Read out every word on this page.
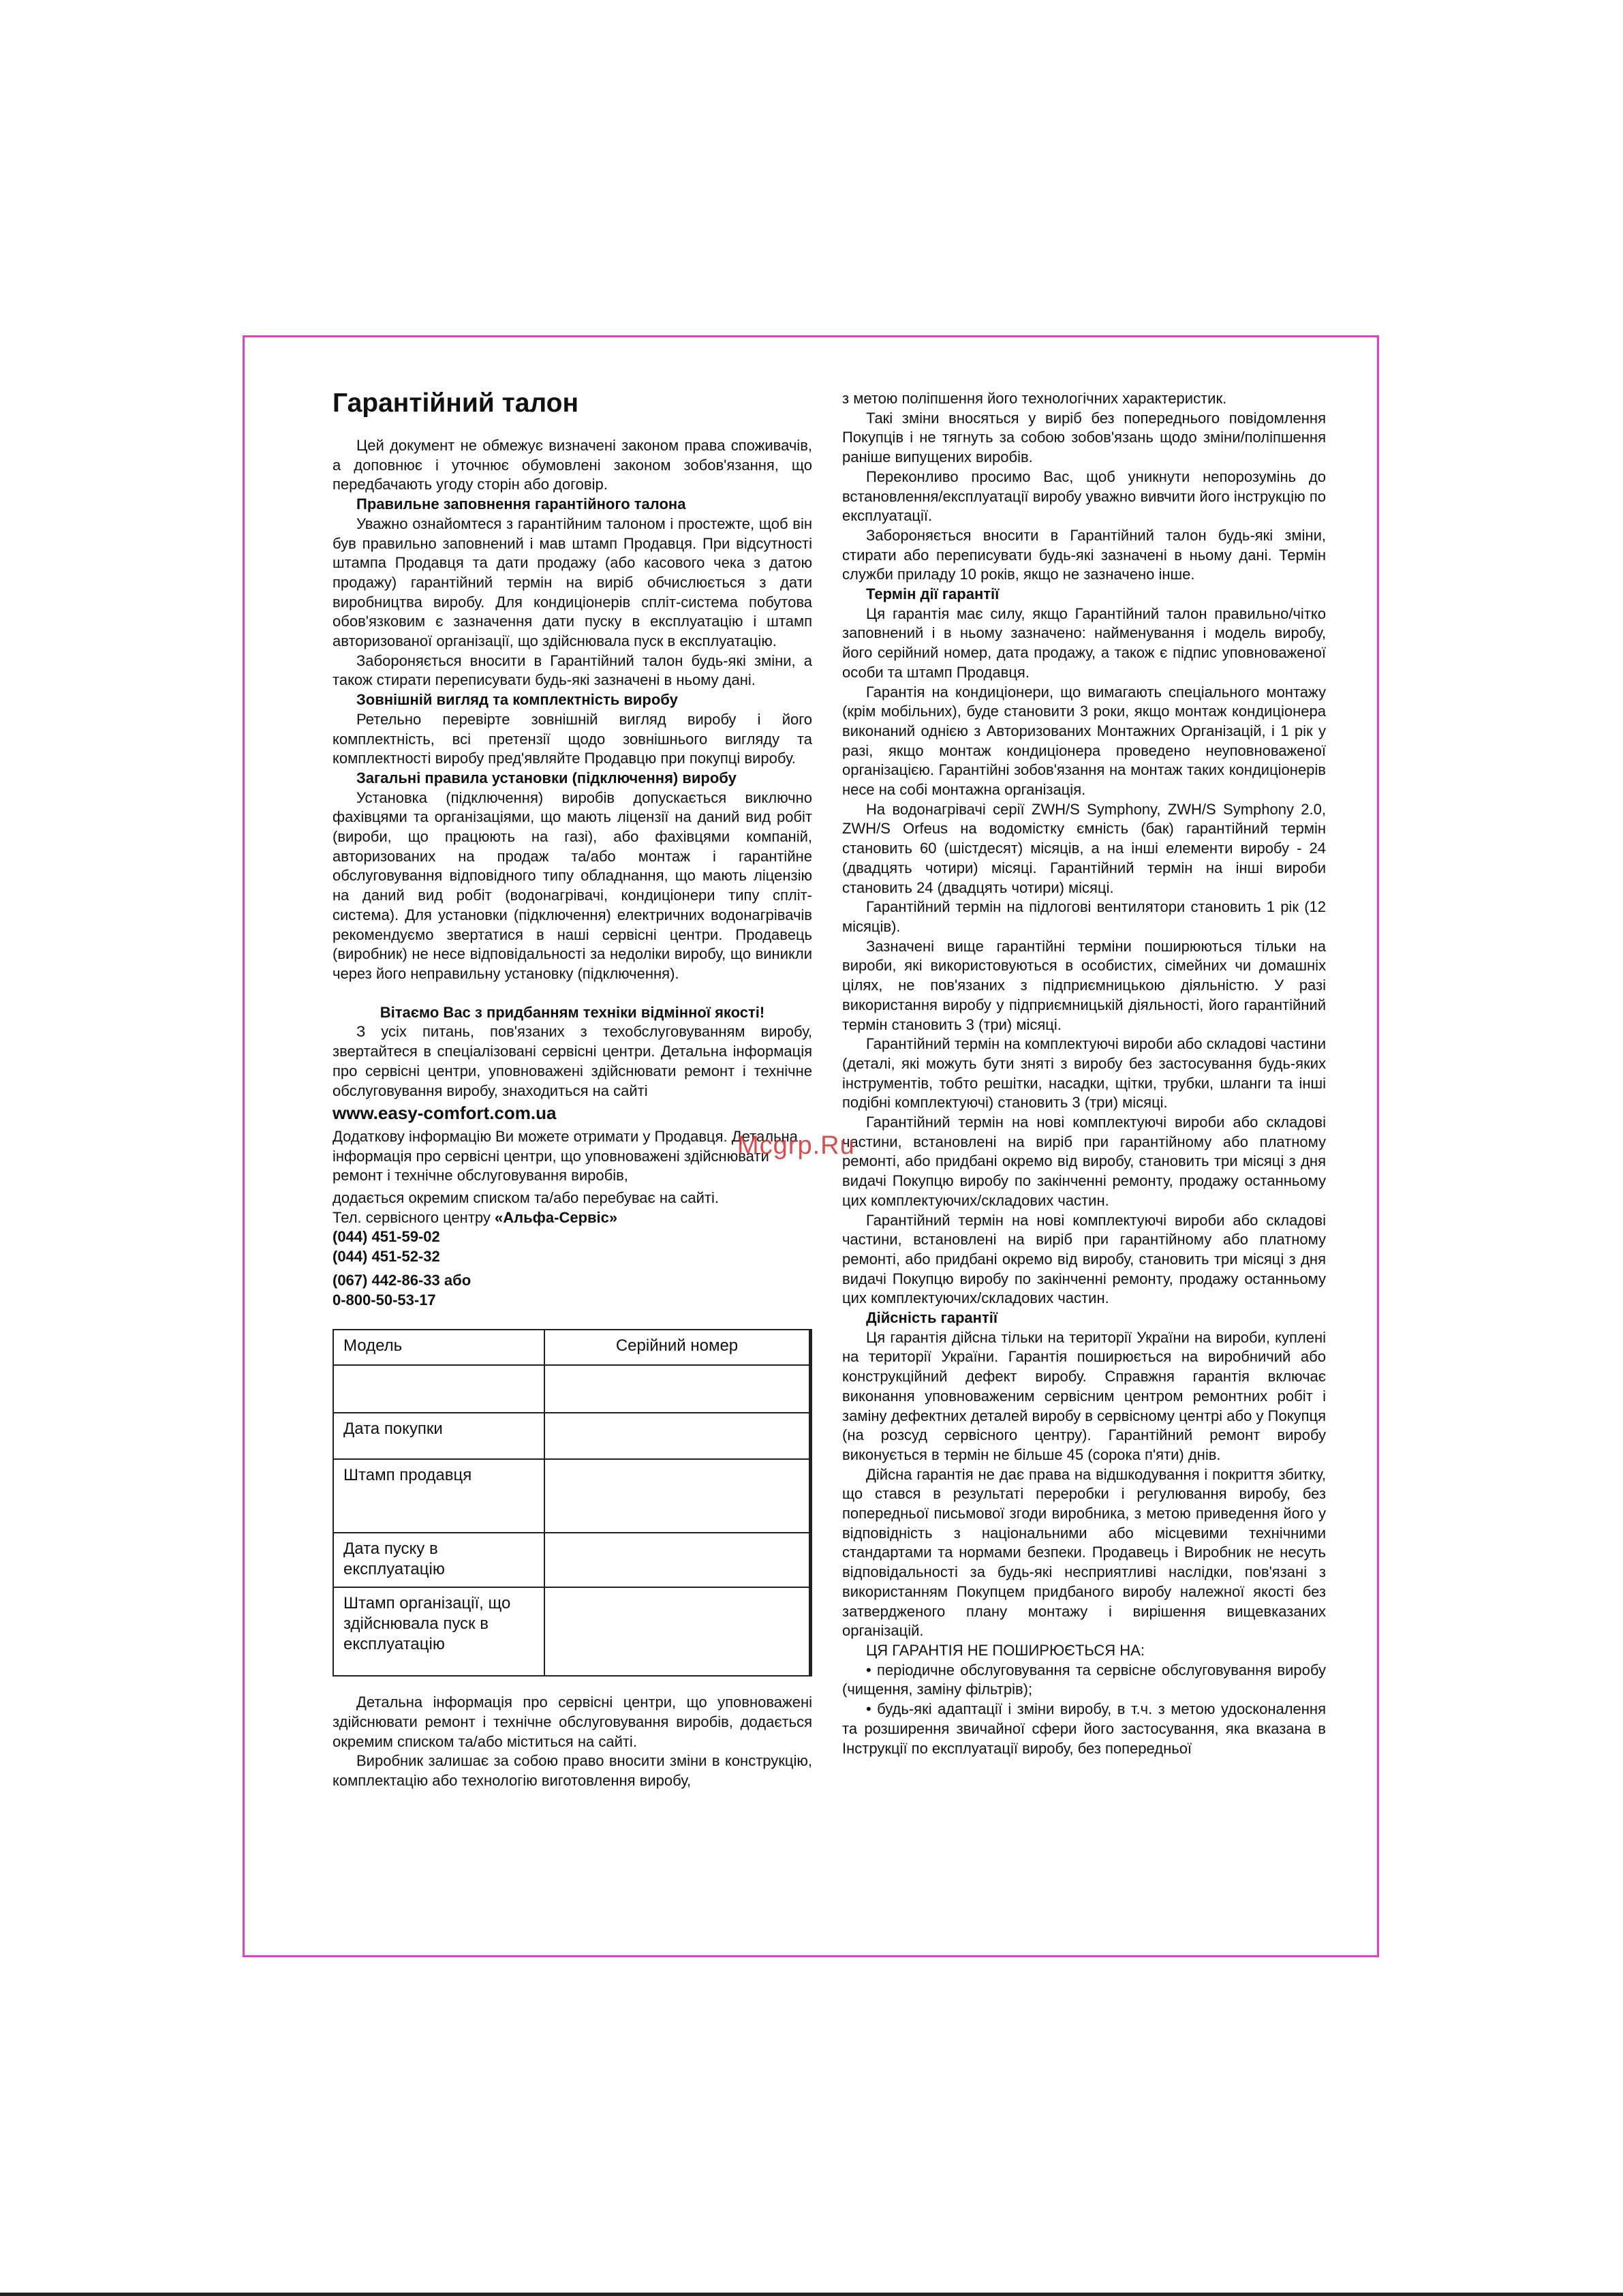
Гарантійний талон

Цей документ не обмежує визначені законом права споживачів, а доповнює і уточнює обумовлені законом зобов'язання, що передбачають угоду сторін або договір.

Правильне заповнення гарантійного талона

Уважно ознайомтеся з гарантійним талоном і простежте, щоб він був правильно заповнений і мав штамп Продавця. При відсутності штампа Продавця та дати продажу (або касового чека з датою продажу) гарантійний термін на виріб обчислюється з дати виробництва виробу. Для кондиціонерів спліт-система побутова обов'язковим є зазначення дати пуску в експлуатацію і штамп авторизованої організації, що здійснювала пуск в експлуатацію.

Забороняється вносити в Гарантійний талон будь-які зміни, а також стирати переписувати будь-які зазначені в ньому дані.

Зовнішній вигляд та комплектність виробу

Ретельно перевірте зовнішній вигляд виробу і його комплектність, всі претензії щодо зовнішнього вигляду та комплектності виробу пред'являйте Продавцю при покупці виробу.

Загальні правила установки (підключення) виробу

Установка (підключення) виробів допускається виключно фахівцями та організаціями, що мають ліцензії на даний вид робіт (вироби, що працюють на газі), або фахівцями компаній, авторизованих на продаж та/або монтаж і гарантійне обслуговування відповідного типу обладнання, що мають ліцензію на даний вид робіт (водонагрівачі, кондиціонери типу спліт-система). Для установки (підключення) електричних водонагрівачів рекомендуємо звертатися в наші сервісні центри. Продавець (виробник) не несе відповідальності за недоліки виробу, що виникли через його неправильну установку (підключення).

Вітаємо Вас з придбанням техніки відмінної якості!

З усіх питань, пов'язаних з техобслуговуванням виробу, звертайтеся в спеціалізовані сервісні центри. Детальна інформація про сервісні центри, уповноважені здійснювати ремонт і технічне обслуговування виробу, знаходиться на сайті

www.easy-comfort.com.ua

Додаткову інформацію Ви можете отримати у Продавця. Детальна інформація про сервісні центри, що уповноважені здійснювати ремонт і технічне обслуговування виробів,

додається окремим списком та/або перебуває на сайті.

Тел. сервісного центру «Альфа-Сервіс»

(044) 451-59-02

(044) 451-52-32

(067) 442-86-33 або

0-800-50-53-17

Модель	Серійний номер

Дата покупки	
Штамп продавця	
Дата пуску в експлуатацію	
Штамп організації, що здійснювала пуск в експлуатацію	

Детальна інформація про сервісні центри, що уповноважені здійснювати ремонт і технічне обслуговування виробів, додається окремим списком та/або міститься на сайті.

Виробник залишає за собою право вносити зміни в конструкцію, комплектацію або технологію виготовлення виробу,

з метою поліпшення його технологічних характеристик.

Такі зміни вносяться у виріб без попереднього повідомлення Покупців і не тягнуть за собою зобов'язань щодо зміни/поліпшення раніше випущених виробів.

Переконливо просимо Вас, щоб уникнути непорозумінь до встановлення/експлуатації виробу уважно вивчити його інструкцію по експлуатації.

Забороняється вносити в Гарантійний талон будь-які зміни, стирати або переписувати будь-які зазначені в ньому дані. Термін служби приладу 10 років, якщо не зазначено інше.

Термін дії гарантії

Ця гарантія має силу, якщо Гарантійний талон правильно/чітко заповнений і в ньому зазначено: найменування і модель виробу, його серійний номер, дата продажу, а також є підпис уповноваженої особи та штамп Продавця.

Гарантія на кондиціонери, що вимагають спеціального монтажу (крім мобільних), буде становити 3 роки, якщо монтаж кондиціонера виконаний однією з Авторизованих Монтажних Організацій, і 1 рік у разі, якщо монтаж кондиціонера проведено неуповноваженої організацією. Гарантійні зобов'язання на монтаж таких кондиціонерів несе на собі монтажна організація.

На водонагрівачі серії ZWH/S Symphony, ZWH/S Symphony 2.0, ZWH/S Orfeus на водомістку ємність (бак) гарантійний термін становить 60 (шістдесят) місяців, а на інші елементи виробу - 24 (двадцять чотири) місяці. Гарантійний термін на інші вироби становить 24 (двадцять чотири) місяці.

Гарантійний термін на підлогові вентилятори становить 1 рік (12 місяців).

Зазначені вище гарантійні терміни поширюються тільки на вироби, які використовуються в особистих, сімейних чи домашніх цілях, не пов'язаних з підприємницькою діяльністю. У разі використання виробу у підприємницькій діяльності, його гарантійний термін становить 3 (три) місяці.

Гарантійний термін на комплектуючі вироби або складові частини (деталі, які можуть бути зняті з виробу без застосування будь-яких інструментів, тобто решітки, насадки, щітки, трубки, шланги та інші подібні комплектуючі) становить 3 (три) місяці.

Гарантійний термін на нові комплектуючі вироби або складові частини, встановлені на виріб при гарантійному або платному ремонті, або придбані окремо від виробу, становить три місяці з дня видачі Покупцю виробу по закінченні ремонту, продажу останньому цих комплектуючих/складових частин.

Гарантійний термін на нові комплектуючі вироби або складові частини, встановлені на виріб при гарантійному або платному ремонті, або придбані окремо від виробу, становить три місяці з дня видачі Покупцю виробу по закінченні ремонту, продажу останньому цих комплектуючих/складових частин.

Дійсність гарантії

Ця гарантія дійсна тільки на території України на вироби, куплені на території України. Гарантія поширюється на виробничий або конструкційний дефект виробу. Справжня гарантія включає виконання уповноваженим сервісним центром ремонтних робіт і заміну дефектних деталей виробу в сервісному центрі або у Покупця (на розсуд сервісного центру). Гарантійний ремонт виробу виконується в термін не більше 45 (сорока п'яти) днів.

Дійсна гарантія не дає права на відшкодування і покриття збитку, що стався в результаті переробки і регулювання виробу, без попередньої письмової згоди виробника, з метою приведення його у відповідність з національними або місцевими технічними стандартами та нормами безпеки. Продавець і Виробник не несуть відповідальності за будь-які несприятливі наслідки, пов'язані з використанням Покупцем придбаного виробу належної якості без затвердженого плану монтажу і вирішення вищевказаних організацій.

ЦЯ ГАРАНТІЯ НЕ ПОШИРЮЄТЬСЯ НА:

• періодичне обслуговування та сервісне обслуговування виробу (чищення, заміну фільтрів);

• будь-які адаптації і зміни виробу, в т.ч. з метою удосконалення та розширення звичайної сфери його застосування, яка вказана в Інструкції по експлуатації виробу, без попередньої

Mcgrp.Ru
